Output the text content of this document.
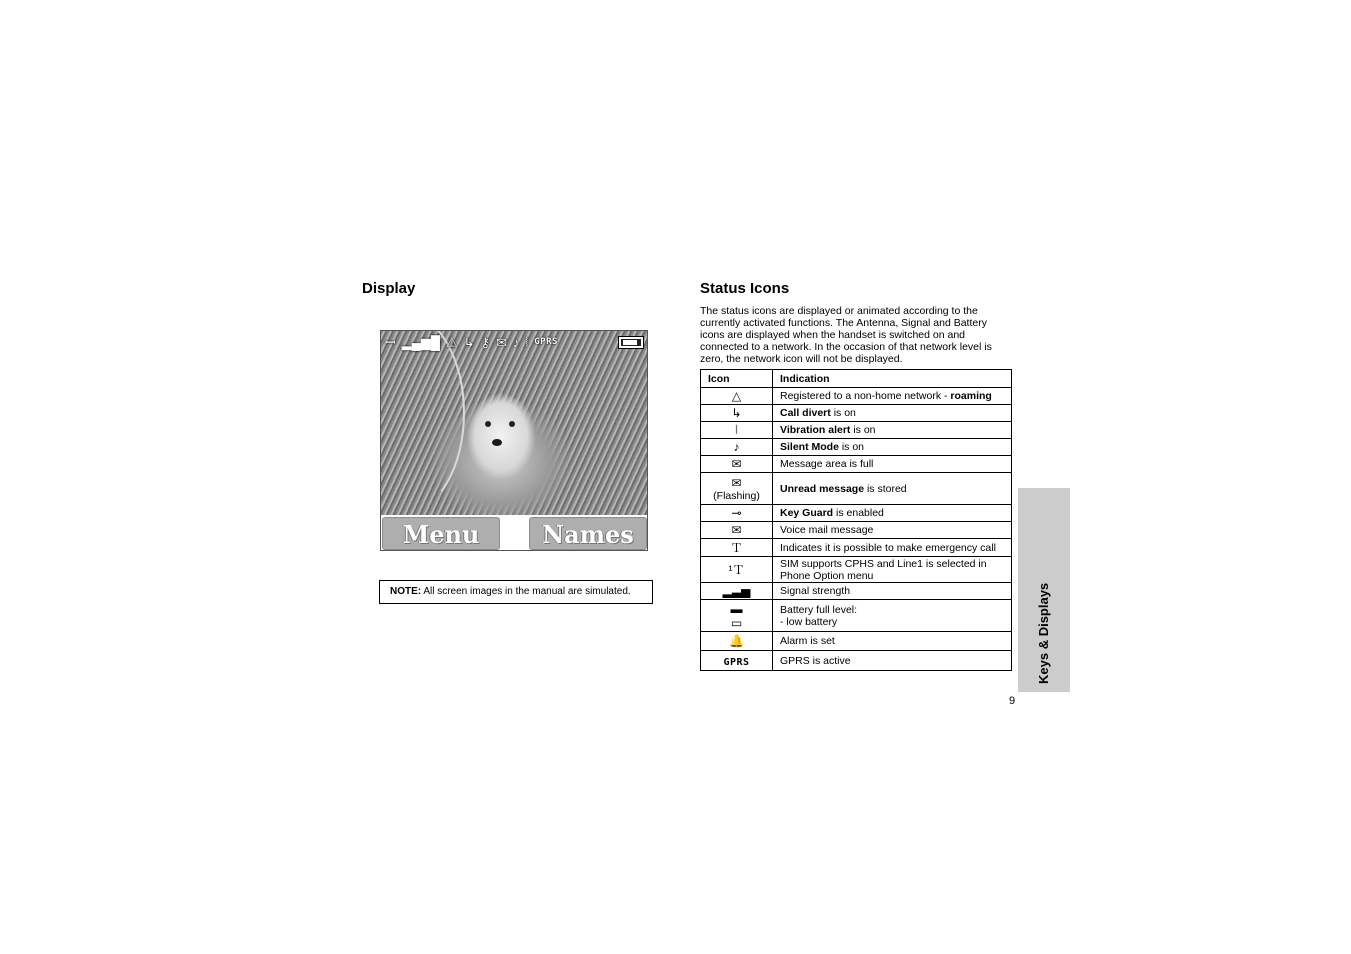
Display
ꟷ ▂▄▆█ ⚠ ↳ ⚷ ✉ ♪ ⦚ GPRS
Menu	Names
NOTE: All screen images in the manual are simulated.
Status Icons

The status icons are displayed or animated according to the currently activated functions. The Antenna, Signal and Battery icons are displayed when the handset is switched on and connected to a network. In the occasion of that network level is zero, the network icon will not be displayed.

Icon	Indication
△	Registered to a non-home network - roaming
↳	Call divert is on
⦚	Vibration alert is on
♪	Silent Mode is on
✉	Message area is full
✉
(Flashing)	Unread message is stored
⊸	Key Guard is enabled
✉	Voice mail message
Ｔ	Indicates it is possible to make emergency call
¹Ｔ	SIM supports CPHS and Line1 is selected in Phone Option menu
▂▃▅	Signal strength
▬
▭	Battery full level:
- low battery
🔔	Alarm is set
GPRS	GPRS is active	Keys & Displays
9
